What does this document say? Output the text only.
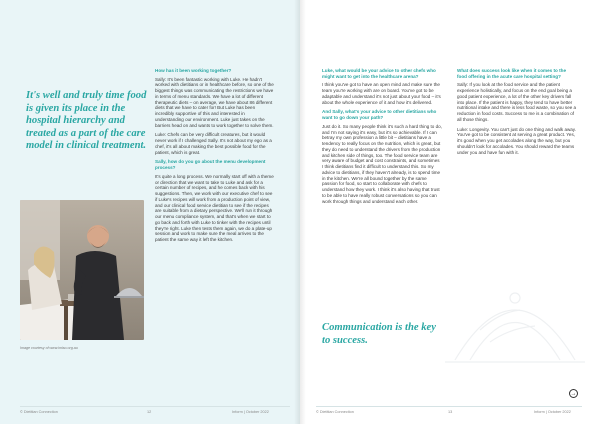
It's well and truly time food is given its place in the hospital hierarchy and treated as a part of the care model in clinical treatment.

Image courtesy of www.imiso.org.au
How has it been working together?

Sally: It's been fantastic working with Luke. He hadn't worked with dietitians or in healthcare before, so one of the biggest things was communicating the restrictions we have in terms of menu standards. We have a lot of different therapeutic diets – on average, we have about 86 different diets that we have to cater for! But Luke has been incredibly supportive of this and interested in understanding our environment. Luke just takes on the barriers head on and wants to work together to solve them.

Luke: Chefs can be very difficult creatures, but it would never work if I challenged Sally. It's not about my ego as a chef, it's all about making the best possible food for the patient, which is great.

Sally, how do you go about the menu development process?

It's quite a long process. We normally start off with a theme or direction that we want to take to Luke and ask for a certain number of recipes, and he comes back with his suggestions. Then, we work with our executive chef to see if Luke's recipes will work from a production point of view, and our clinical food service dietitian to see if the recipes are suitable from a dietary perspective. We'll run it through our menu compliance system, and that's when we start to go back and forth with Luke to tinker with the recipes until they're right. Luke then tests them again, we do a plate-up session and work to make sure the meal arrives to the patient the same way it left the kitchen.

© Dietitian Connection	12	Inform | October 2022
Luke, what would be your advice to other chefs who might want to get into the healthcare arena?

I think you've got to have an open mind and make sure the team you're working with are on board. You've got to be adaptable and understand it's not just about your food – it's about the whole experience of it and how it's delivered.

And Sally, what's your advice to other dietitians who want to go down your path?

Just do it. So many people think it's such a hard thing to do, and I'm not saying it's easy, but it's so achievable. If I can betray my own profession a little bit – dietitians have a tendency to really focus on the nutrition, which is great, but they do need to understand the drivers from the production and kitchen side of things, too. The food service team are very aware of budget and cost constraints, and sometimes I think dietitians find it difficult to understand this. So my advice to dietitians, if they haven't already, is to spend time in the kitchen. We're all bound together by the same passion for food, so start to collaborate with chefs to understand how they work. I think it's also having that trust to be able to have really robust conversations so you can work through things and understand each other.

Communication is the key to success.

What does success look like when it comes to the food offering in the acute care hospital setting?

Sally: If you look at the food service and the patient experience holistically, and focus on the end goal being a good patient experience, a lot of the other key drivers fall into place. If the patient is happy, they tend to have better nutritional intake and there is less food waste, so you see a reduction in food costs. Success to me is a combination of all those things.

Luke: Longevity. You can't just do one thing and walk away. You've got to be consistent at serving a great product. Yes, it's good when you get accolades along the way, but you shouldn't look for accolades. You should reward the teams under you and have fun with it.

→
© Dietitian Connection	13	Inform | October 2022
